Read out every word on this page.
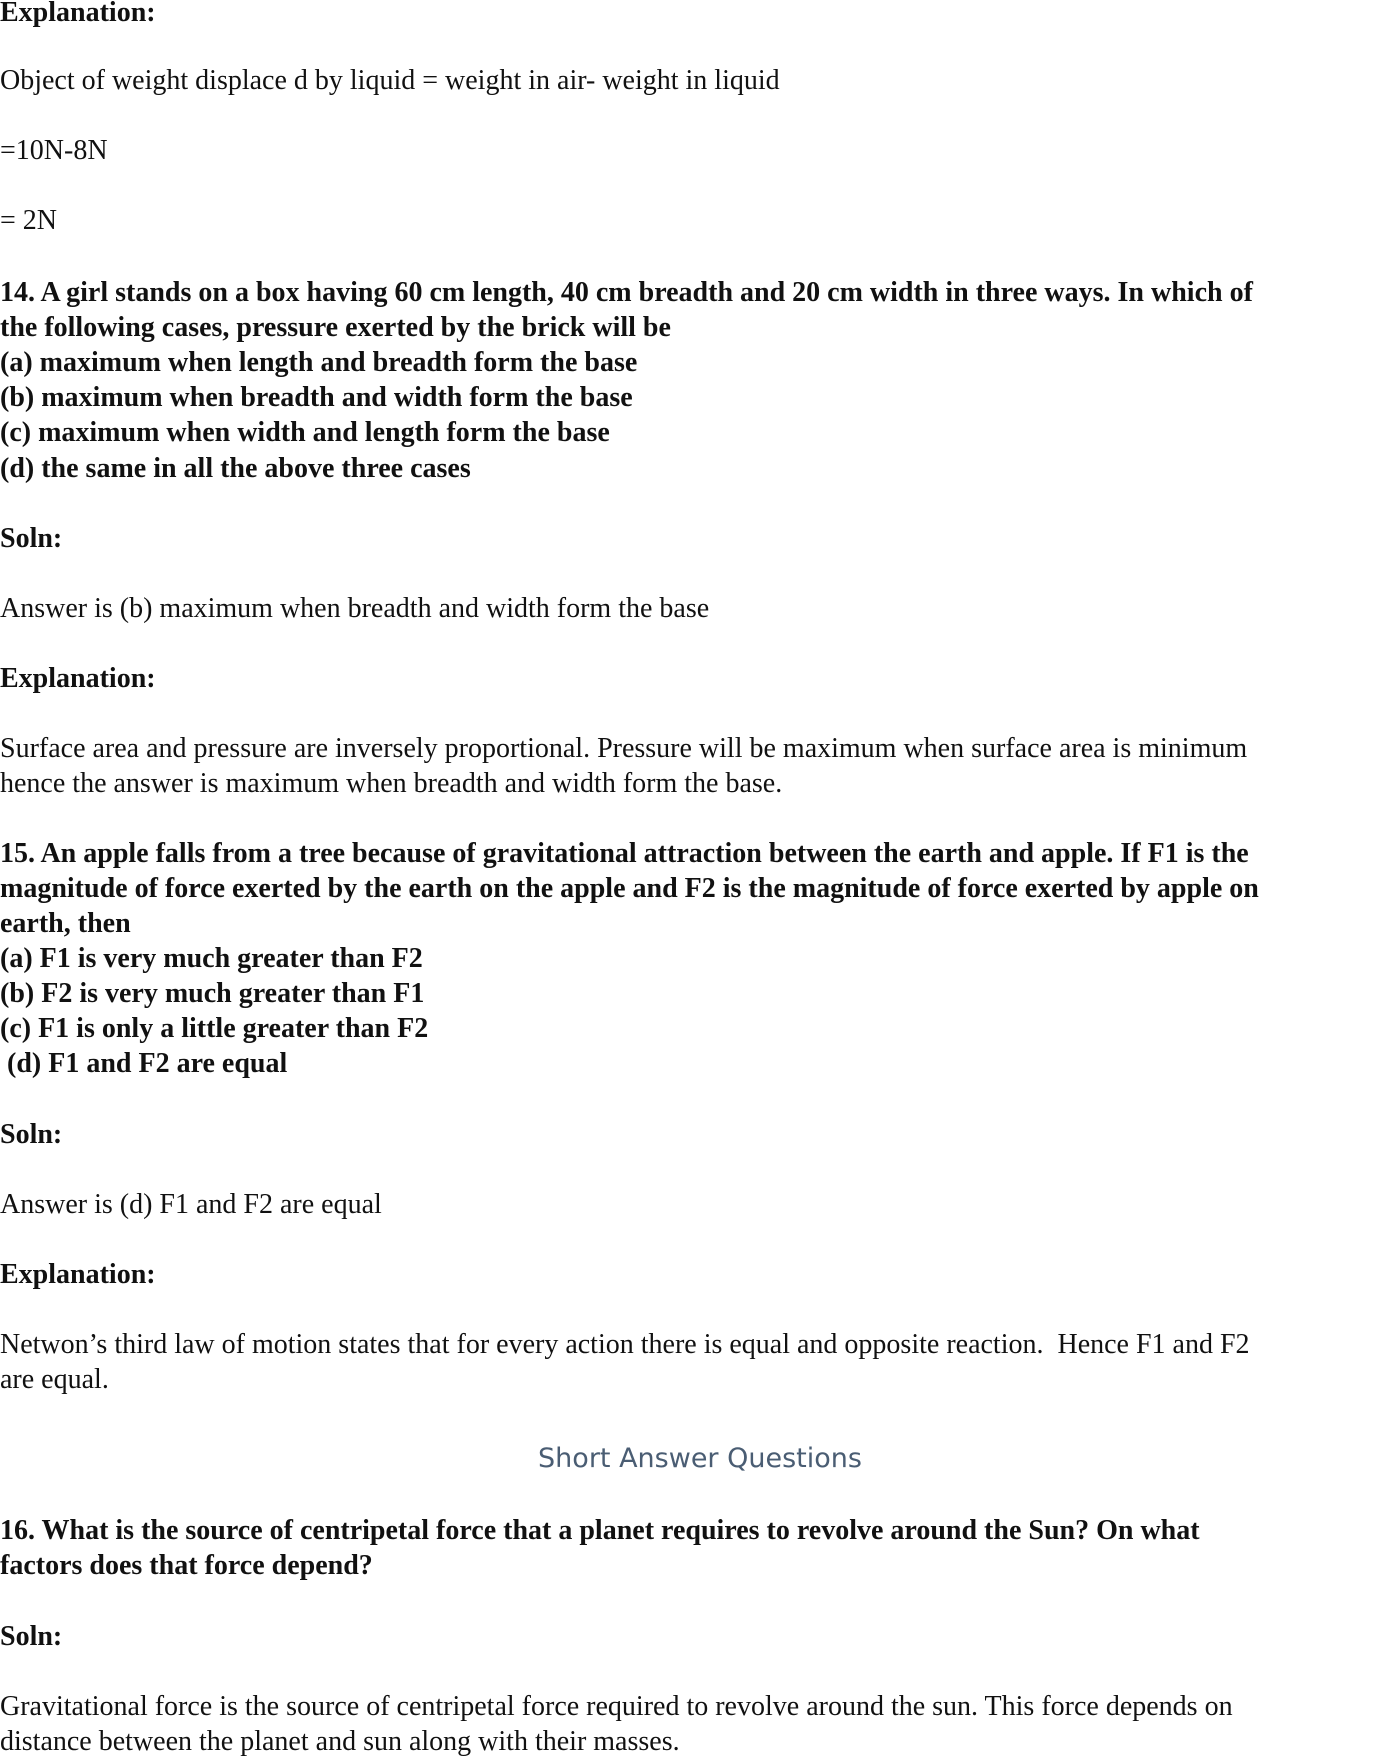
Explanation:

Object of weight displace d by liquid = weight in air- weight in liquid

=10N-8N

= 2N

14. A girl stands on a box having 60 cm length, 40 cm breadth and 20 cm width in three ways. In which of

the following cases, pressure exerted by the brick will be

(a) maximum when length and breadth form the base

(b) maximum when breadth and width form the base

(c) maximum when width and length form the base

(d) the same in all the above three cases

Soln:

Answer is (b) maximum when breadth and width form the base

Explanation:

Surface area and pressure are inversely proportional. Pressure will be maximum when surface area is minimum

hence the answer is maximum when breadth and width form the base.

15. An apple falls from a tree because of gravitational attraction between the earth and apple. If F1 is the

magnitude of force exerted by the earth on the apple and F2 is the magnitude of force exerted by apple on

earth, then

(a) F1 is very much greater than F2

(b) F2 is very much greater than F1

(c) F1 is only a little greater than F2

(d) F1 and F2 are equal

Soln:

Answer is (d) F1 and F2 are equal

Explanation:

Netwon’s third law of motion states that for every action there is equal and opposite reaction.  Hence F1 and F2

are equal.

Short Answer Questions

16. What is the source of centripetal force that a planet requires to revolve around the Sun? On what

factors does that force depend?

Soln:

Gravitational force is the source of centripetal force required to revolve around the sun. This force depends on

distance between the planet and sun along with their masses.
